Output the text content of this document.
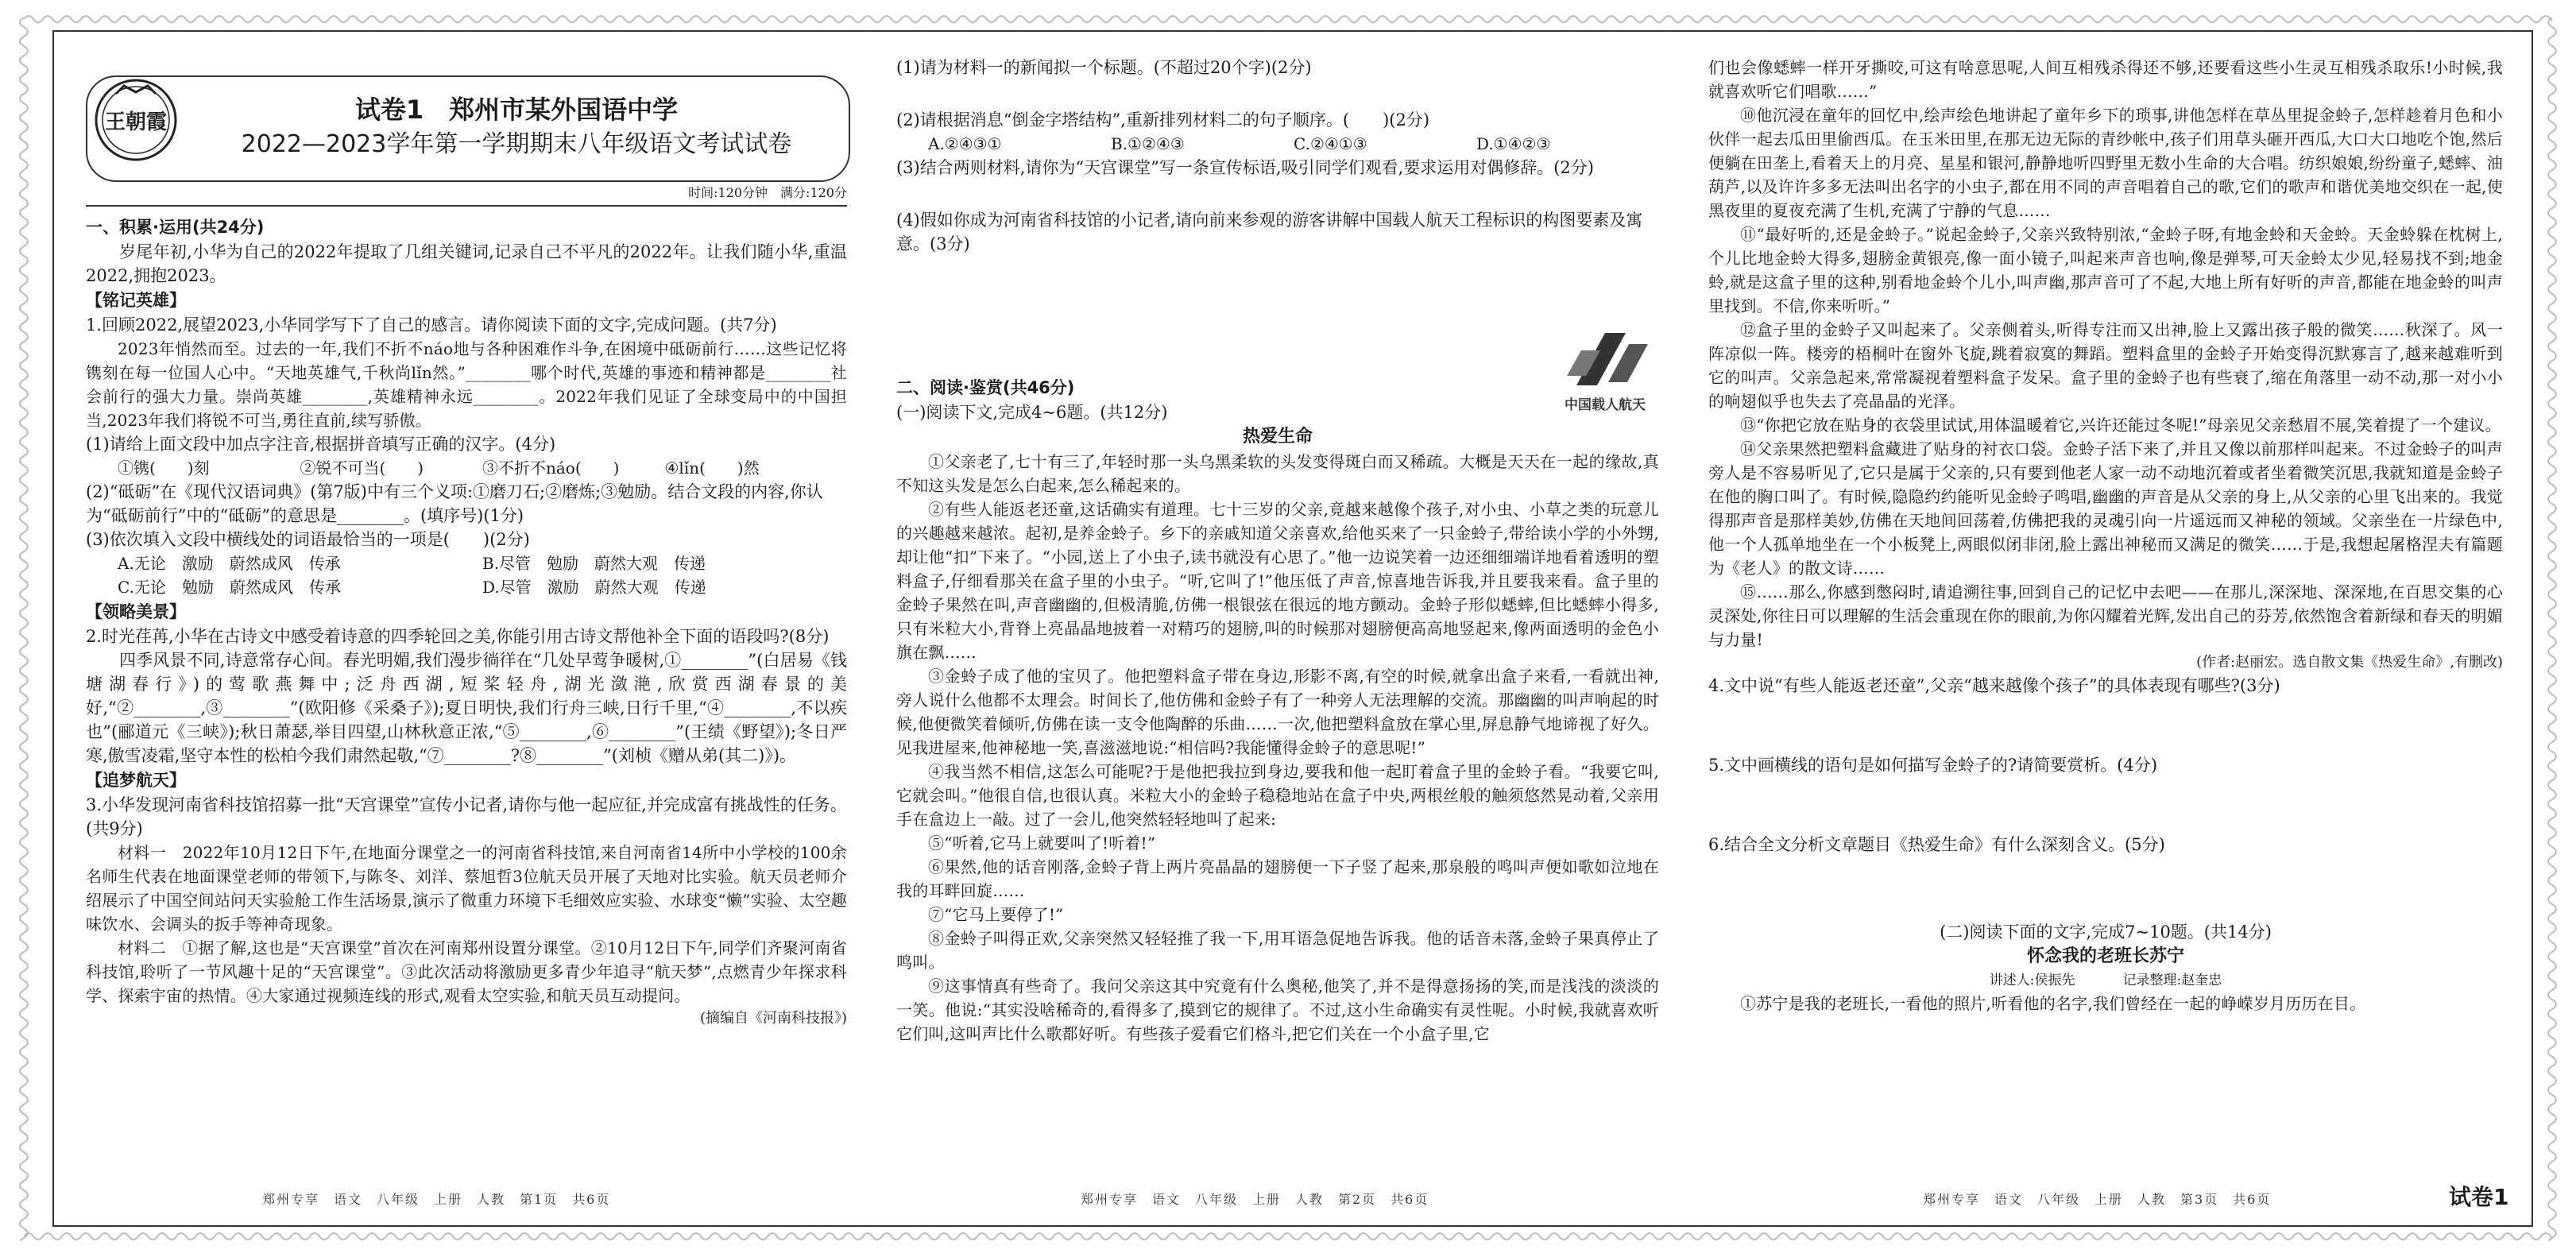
王朝霞	试卷1　郑州市某外国语中学
2022—2023学年第一学期期末八年级语文考试试卷
时间:120分钟　满分:120分

一、积累·运用(共24分)

岁尾年初,小华为自己的2022年提取了几组关键词,记录自己不平凡的2022年。让我们随小华,重温2022,拥抱2023。

【铭记英雄】

1.回顾2022,展望2023,小华同学写下了自己的感言。请你阅读下面的文字,完成问题。(共7分)

2023年悄然而至。过去的一年,我们不折不náo地与各种困难作斗争,在困境中砥砺前行……这些记忆将镌刻在每一位国人心中。“天地英雄气,千秋尚lǐn然。”________哪个时代,英雄的事迹和精神都是________社会前行的强大力量。崇尚英雄________,英雄精神永远________。2022年我们见证了全球变局中的中国担当,2023年我们将锐不可当,勇往直前,续写骄傲。

(1)请给上面文段中加点字注音,根据拼音填写正确的汉字。(4分)

①镌(　　)刻	②锐不可当(　　)	③不折不náo(　　)	④lǐn(　　)然

(2)“砥砺”在《现代汉语词典》(第7版)中有三个义项:①磨刀石;②磨炼;③勉励。结合文段的内容,你认为“砥砺前行”中的“砥砺”的意思是________。(填序号)(1分)

(3)依次填入文段中横线处的词语最恰当的一项是(　　)(2分)

A.无论　激励　蔚然成风　传承	B.尽管　勉励　蔚然大观　传递
C.无论　勉励　蔚然成风　传承	D.尽管　激励　蔚然大观　传递

【领略美景】

2.时光荏苒,小华在古诗文中感受着诗意的四季轮回之美,你能引用古诗文帮他补全下面的语段吗?(8分)

四季风景不同,诗意常存心间。春光明媚,我们漫步徜徉在“几处早莺争暖树,①________”(白居易《钱塘湖春行》)的莺歌燕舞中;泛舟西湖,短桨轻舟,湖光潋滟,欣赏西湖春景的美好,“②________,③________”(欧阳修《采桑子》);夏日明快,我们行舟三峡,日行千里,“④________,不以疾也”(郦道元《三峡》);秋日萧瑟,举目四望,山林秋意正浓,“⑤________,⑥________”(王绩《野望》);冬日严寒,傲雪凌霜,坚守本性的松柏今我们肃然起敬,“⑦________?⑧________”(刘桢《赠从弟(其二)》)。

【追梦航天】

3.小华发现河南省科技馆招募一批“天宫课堂”宣传小记者,请你与他一起应征,并完成富有挑战性的任务。(共9分)

材料一　2022年10月12日下午,在地面分课堂之一的河南省科技馆,来自河南省14所中小学校的100余名师生代表在地面课堂老师的带领下,与陈冬、刘洋、蔡旭哲3位航天员开展了天地对比实验。航天员老师介绍展示了中国空间站问天实验舱工作生活场景,演示了微重力环境下毛细效应实验、水球变“懒”实验、太空趣味饮水、会调头的扳手等神奇现象。

材料二　①据了解,这也是“天宫课堂”首次在河南郑州设置分课堂。②10月12日下午,同学们齐聚河南省科技馆,聆听了一节风趣十足的“天宫课堂”。③此次活动将激励更多青少年追寻“航天梦”,点燃青少年探求科学、探索宇宙的热情。④大家通过视频连线的形式,观看太空实验,和航天员互动提问。

(摘编自《河南科技报》)

郑州专享　语文　八年级　上册　人教　第1页　共6页

(1)请为材料一的新闻拟一个标题。(不超过20个字)(2分)

(2)请根据消息“倒金字塔结构”,重新排列材料二的句子顺序。(　　)(2分)

A.②④③①	B.①②④③	C.②④①③	D.①④②③

(3)结合两则材料,请你为“天宫课堂”写一条宣传标语,吸引同学们观看,要求运用对偶修辞。(2分)

(4)假如你成为河南省科技馆的小记者,请向前来参观的游客讲解中国载人航天工程标识的构图要素及寓意。(3分)

二、阅读·鉴赏(共46分)

(一)阅读下文,完成4~6题。(共12分)

热爱生命

①父亲老了,七十有三了,年轻时那一头乌黑柔软的头发变得斑白而又稀疏。大概是天天在一起的缘故,真不知这头发是怎么白起来,怎么稀起来的。

②有些人能返老还童,这话确实有道理。七十三岁的父亲,竟越来越像个孩子,对小虫、小草之类的玩意儿的兴趣越来越浓。起初,是养金蛉子。乡下的亲戚知道父亲喜欢,给他买来了一只金蛉子,带给读小学的小外甥,却让他“扣”下来了。“小园,送上了小虫子,读书就没有心思了。”他一边说笑着一边还细细端详地看着透明的塑料盒子,仔细看那关在盒子里的小虫子。“听,它叫了!”他压低了声音,惊喜地告诉我,并且要我来看。盒子里的金蛉子果然在叫,声音幽幽的,但极清脆,仿佛一根银弦在很远的地方颤动。金蛉子形似蟋蟀,但比蟋蟀小得多,只有米粒大小,背脊上亮晶晶地披着一对精巧的翅膀,叫的时候那对翅膀便高高地竖起来,像两面透明的金色小旗在飘……

③金蛉子成了他的宝贝了。他把塑料盒子带在身边,形影不离,有空的时候,就拿出盒子来看,一看就出神,旁人说什么他都不太理会。时间长了,他仿佛和金蛉子有了一种旁人无法理解的交流。那幽幽的叫声响起的时候,他便微笑着倾听,仿佛在读一支令他陶醉的乐曲……一次,他把塑料盒放在掌心里,屏息静气地谛视了好久。见我进屋来,他神秘地一笑,喜滋滋地说:“相信吗?我能懂得金蛉子的意思呢!”

④我当然不相信,这怎么可能呢?于是他把我拉到身边,要我和他一起盯着盒子里的金蛉子看。“我要它叫,它就会叫。”他很自信,也很认真。米粒大小的金蛉子稳稳地站在盒子中央,两根丝般的触须悠然晃动着,父亲用手在盒边上一敲。过了一会儿,他突然轻轻地叫了起来:

⑤“听着,它马上就要叫了!听着!”

⑥果然,他的话音刚落,金蛉子背上两片亮晶晶的翅膀便一下子竖了起来,那泉般的鸣叫声便如歌如泣地在我的耳畔回旋……

⑦“它马上要停了!”

⑧金蛉子叫得正欢,父亲突然又轻轻推了我一下,用耳语急促地告诉我。他的话音未落,金蛉子果真停止了鸣叫。

⑨这事情真有些奇了。我问父亲这其中究竟有什么奥秘,他笑了,并不是得意扬扬的笑,而是浅浅的淡淡的一笑。他说:“其实没啥稀奇的,看得多了,摸到它的规律了。不过,这小生命确实有灵性呢。小时候,我就喜欢听它们叫,这叫声比什么歌都好听。有些孩子爱看它们格斗,把它们关在一个小盒子里,它

中国载人航天
郑州专享　语文　八年级　上册　人教　第2页　共6页

们也会像蟋蟀一样开牙撕咬,可这有啥意思呢,人间互相残杀得还不够,还要看这些小生灵互相残杀取乐!小时候,我就喜欢听它们唱歌……”

⑩他沉浸在童年的回忆中,绘声绘色地讲起了童年乡下的琐事,讲他怎样在草丛里捉金蛉子,怎样趁着月色和小伙伴一起去瓜田里偷西瓜。在玉米田里,在那无边无际的青纱帐中,孩子们用草头砸开西瓜,大口大口地吃个饱,然后便躺在田垄上,看着天上的月亮、星星和银河,静静地听四野里无数小生命的大合唱。纺织娘娘,纷纷童子,蟋蟀、油葫芦,以及许许多多无法叫出名字的小虫子,都在用不同的声音唱着自己的歌,它们的歌声和谐优美地交织在一起,使黑夜里的夏夜充满了生机,充满了宁静的气息……

⑪“最好听的,还是金蛉子。”说起金蛉子,父亲兴致特别浓,“金蛉子呀,有地金蛉和天金蛉。天金蛉躲在枕树上,个儿比地金蛉大得多,翅膀金黄银亮,像一面小镜子,叫起来声音也响,像是弹琴,可天金蛉太少见,轻易找不到;地金蛉,就是这盒子里的这种,别看地金蛉个儿小,叫声幽,那声音可了不起,大地上所有好听的声音,都能在地金蛉的叫声里找到。不信,你来听听。”

⑫盒子里的金蛉子又叫起来了。父亲侧着头,听得专注而又出神,脸上又露出孩子般的微笑……秋深了。风一阵凉似一阵。楼旁的梧桐叶在窗外飞旋,跳着寂寞的舞蹈。塑料盒里的金蛉子开始变得沉默寡言了,越来越难听到它的叫声。父亲急起来,常常凝视着塑料盒子发呆。盒子里的金蛉子也有些衰了,缩在角落里一动不动,那一对小小的响翅似乎也失去了亮晶晶的光泽。

⑬“你把它放在贴身的衣袋里试试,用体温暖着它,兴许还能过冬呢!”母亲见父亲愁眉不展,笑着提了一个建议。

⑭父亲果然把塑料盒藏进了贴身的衬衣口袋。金蛉子活下来了,并且又像以前那样叫起来。不过金蛉子的叫声旁人是不容易听见了,它只是属于父亲的,只有要到他老人家一动不动地沉着或者坐着微笑沉思,我就知道是金蛉子在他的胸口叫了。有时候,隐隐约约能听见金蛉子鸣唱,幽幽的声音是从父亲的身上,从父亲的心里飞出来的。我觉得那声音是那样美妙,仿佛在天地间回荡着,仿佛把我的灵魂引向一片遥远而又神秘的领域。父亲坐在一片绿色中,他一个人孤单地坐在一个小板凳上,两眼似闭非闭,脸上露出神秘而又满足的微笑……于是,我想起屠格涅夫有篇题为《老人》的散文诗……

⑮……那么,你感到憋闷时,请追溯往事,回到自己的记忆中去吧——在那儿,深深地、深深地,在百思交集的心灵深处,你往日可以理解的生活会重现在你的眼前,为你闪耀着光辉,发出自己的芬芳,依然饱含着新绿和春天的明媚与力量!

(作者:赵丽宏。选自散文集《热爱生命》,有删改)

4.文中说“有些人能返老还童”,父亲“越来越像个孩子”的具体表现有哪些?(3分)

5.文中画横线的语句是如何描写金蛉子的?请简要赏析。(4分)

6.结合全文分析文章题目《热爱生命》有什么深刻含义。(5分)

(二)阅读下面的文字,完成7~10题。(共14分)

怀念我的老班长苏宁

讲述人:侯振先	记录整理:赵奎忠

①苏宁是我的老班长,一看他的照片,听看他的名字,我们曾经在一起的峥嵘岁月历历在目。

郑州专享　语文　八年级　上册　人教　第3页　共6页	试卷1
